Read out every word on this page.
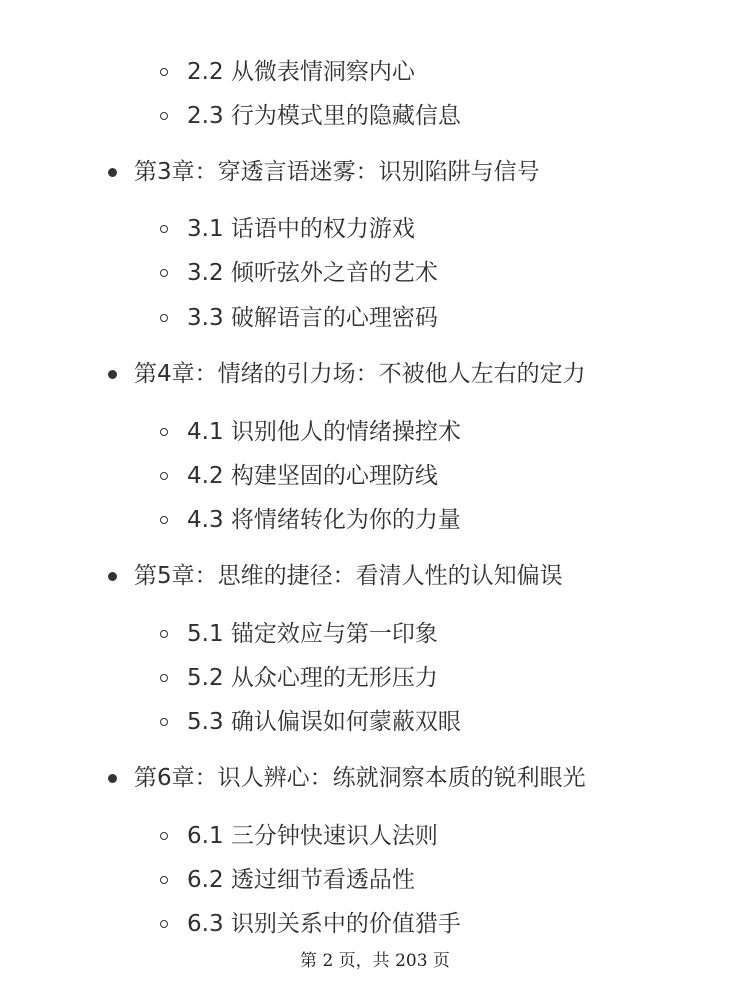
2.2 从微表情洞察内心
2.3 行为模式里的隐藏信息
第3章：穿透言语迷雾：识别陷阱与信号
3.1 话语中的权力游戏
3.2 倾听弦外之音的艺术
3.3 破解语言的心理密码
第4章：情绪的引力场：不被他人左右的定力
4.1 识别他人的情绪操控术
4.2 构建坚固的心理防线
4.3 将情绪转化为你的力量
第5章：思维的捷径：看清人性的认知偏误
5.1 锚定效应与第一印象
5.2 从众心理的无形压力
5.3 确认偏误如何蒙蔽双眼
第6章：识人辨心：练就洞察本质的锐利眼光
6.1 三分钟快速识人法则
6.2 透过细节看透品性
6.3 识别关系中的价值猎手
第 2 页，共 203 页
